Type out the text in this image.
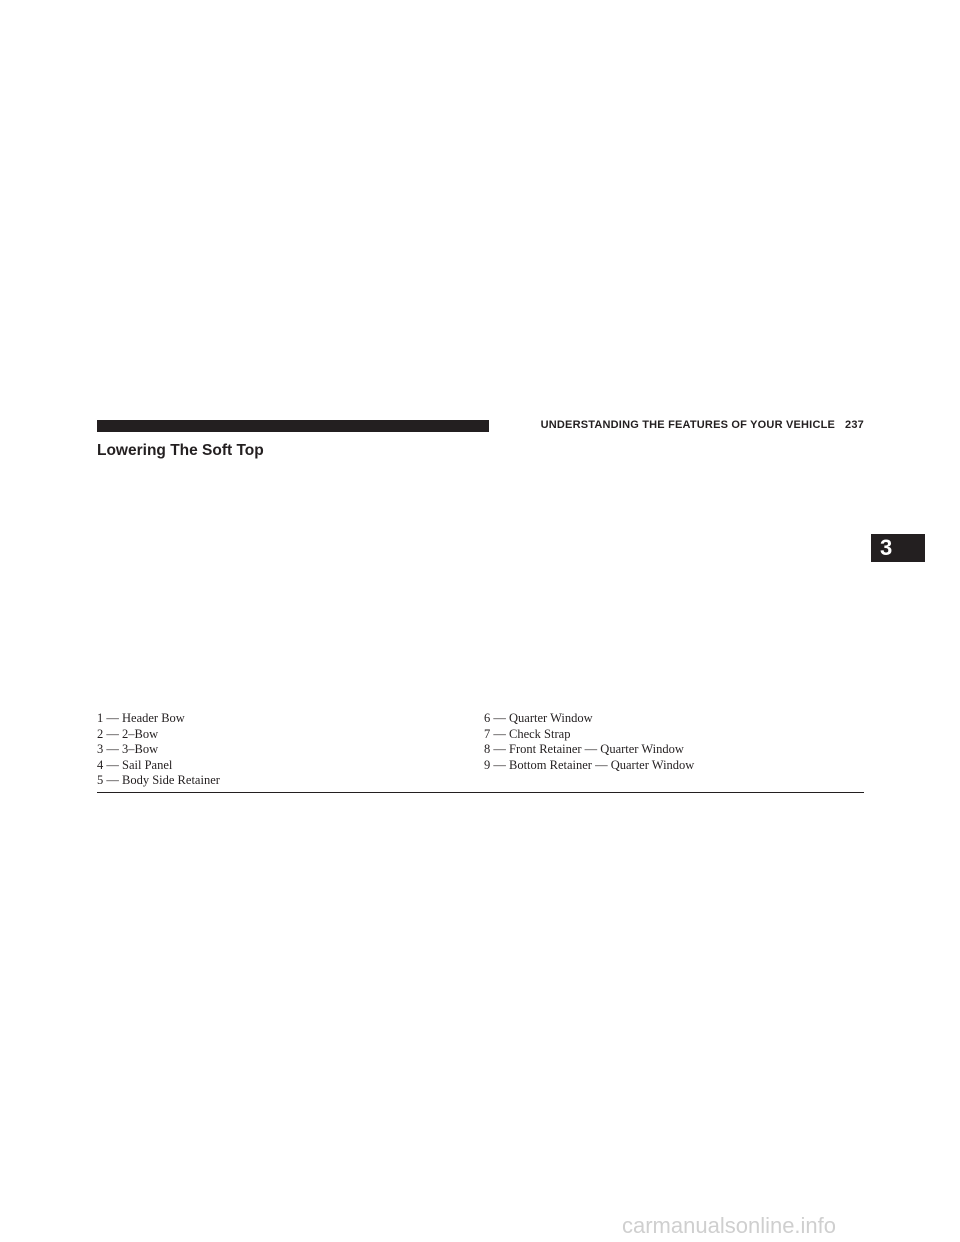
UNDERSTANDING THE FEATURES OF YOUR VEHICLE 237
Lowering The Soft Top
3
1 — Header Bow
2 — 2–Bow
3 — 3–Bow
4 — Sail Panel
5 — Body Side Retainer
6 — Quarter Window
7 — Check Strap
8 — Front Retainer — Quarter Window
9 — Bottom Retainer — Quarter Window
carmanualsonline.info
